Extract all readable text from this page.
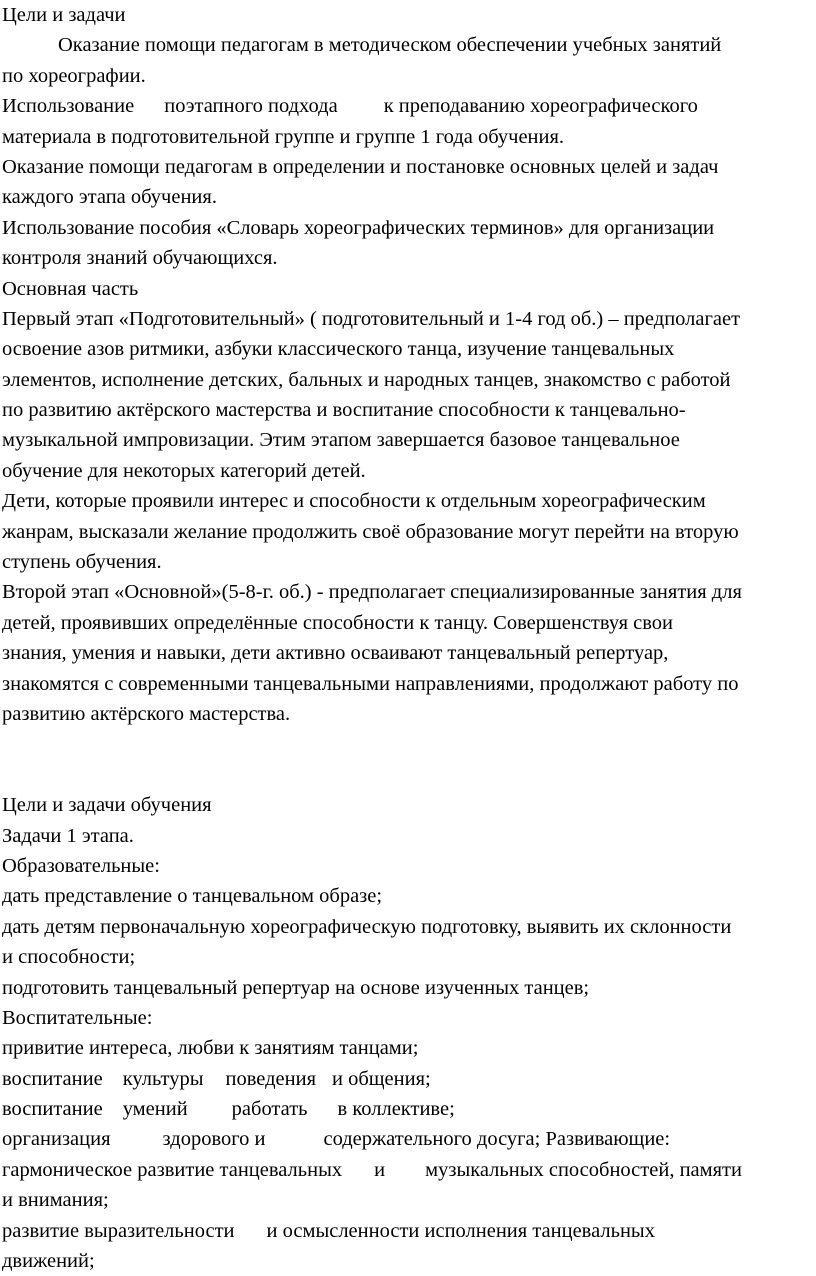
Цели и задачи
Оказание помощи педагогам в методическом обеспечении учебных занятий
по хореографии.
Использование поэтапного подхода к преподаванию хореографического
материала в подготовительной группе и группе 1 года обучения.
Оказание помощи педагогам в определении и постановке основных целей и задач
каждого этапа обучения.
Использование пособия «Словарь хореографических терминов» для организации
контроля знаний обучающихся.
Основная часть
Первый этап «Подготовительный» ( подготовительный и 1-4 год об.) – предполагает
освоение азов ритмики, азбуки классического танца, изучение танцевальных
элементов, исполнение детских, бальных и народных танцев, знакомство с работой
по развитию актёрского мастерства и воспитание способности к танцевально-
музыкальной импровизации. Этим этапом завершается базовое танцевальное
обучение для некоторых категорий детей.
Дети, которые проявили интерес и способности к отдельным хореографическим
жанрам, высказали желание продолжить своё образование могут перейти на вторую
ступень обучения.
Второй этап «Основной»(5-8-г. об.) - предполагает специализированные занятия для
детей, проявивших определённые способности к танцу. Совершенствуя свои
знания, умения и навыки, дети активно осваивают танцевальный репертуар,
знакомятся с современными танцевальными направлениями, продолжают работу по
развитию актёрского мастерства.
Цели и задачи обучения
Задачи 1 этапа.
Образовательные:
дать представление о танцевальном образе;
дать детям первоначальную хореографическую подготовку, выявить их склонности
и способности;
подготовить танцевальный репертуар на основе изученных танцев;
Воспитательные:
привитие интереса, любви к занятиям танцами;
воспитание культуры поведения и общения;
воспитание умений работать в коллективе;
организация	здорового и	содержательного досуга; Развивающие:
гармоническое развитие танцевальных и музыкальных способностей, памяти
и внимания;
развитие выразительности и осмысленности исполнения танцевальных
движений;
